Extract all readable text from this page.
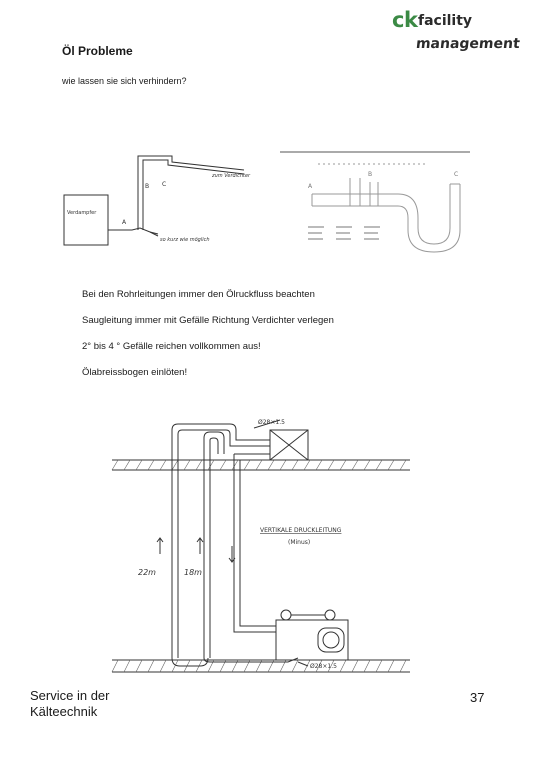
ck facility
management
Öl Probleme
wie lassen sie sich verhindern?
Verdampfer
zum Verdichter
so kurz wie möglich
A
B C	A
B	C
Bei den Rohrleitungen immer den Ölruckfluss beachten
Saugleitung immer mit Gefälle Richtung Verdichter verlegen
2° bis 4 ° Gefälle reichen vollkommen aus!
Ölabreissbogen einlöten!
Ø28×1.5
Ø28×1.5
VERTIKALE DRUCKLEITUNG
(Minus)
22m	18m
Service in der
Kälteechnik
37
